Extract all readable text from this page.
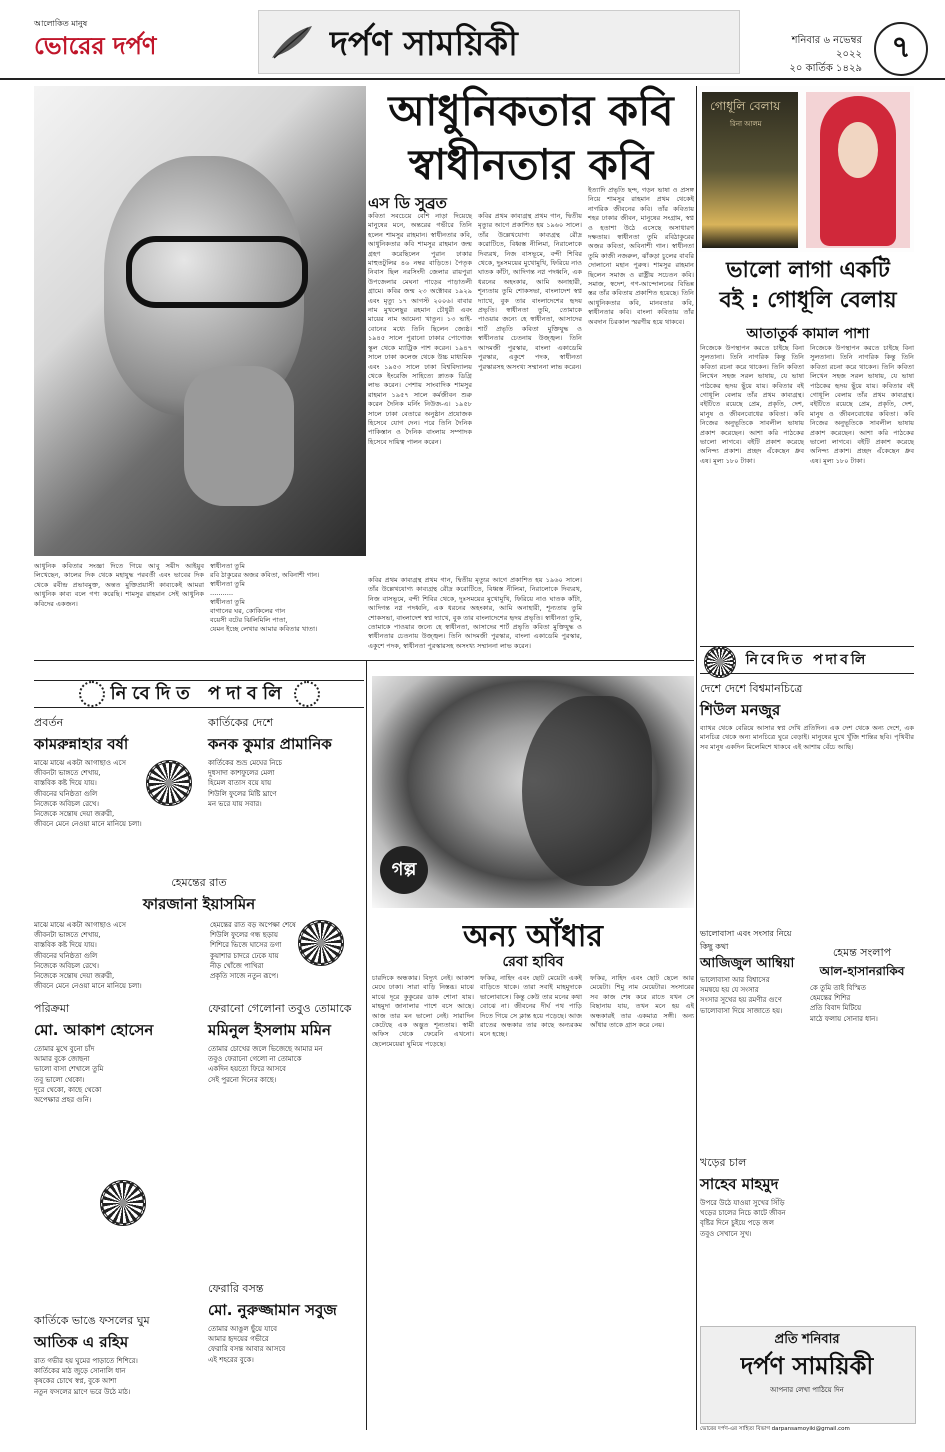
আলোকিত মানুষ
ভোরের দর্পণ	দর্পণ সাময়িকী	শনিবার ৬ নভেম্বর ২০২২
২০ কার্তিক ১৪২৯
৭
আধুনিকতার কবি
স্বাধীনতার কবি
এস ডি সুব্রত
কবিতা সবচেয়ে বেশি নাড়া দিয়েছে মানুষের মনে, অন্তরের গভীরে তিনি হলেন শামসুর রাহমান। স্বাধীনতার কবি, আধুনিকতার কবি শামসুর রাহমান জন্ম গ্রহণ করেছিলেন পুরান ঢাকার মাহুতটুলির ৪৬ নম্বর বাড়িতে। পৈতৃক নিবাস ছিল নরসিংদী জেলার রায়পুরা উপজেলার মেঘনা পাড়ের পাড়াতলী গ্রামে। কবির জন্ম ২৩ অক্টোবর ১৯২৯ এবং মৃত্যু ১৭ আগস্ট ২০০৬। বাবার নাম মুখলেছুর রহমান চৌধুরী এবং মায়ের নাম আমেনা খাতুন। ১৩ ভাই-বোনের মধ্যে তিনি ছিলেন জ্যেষ্ঠ। ১৯৪৫ সালে পুরানো ঢাকার পোগোজ স্কুল থেকে ম্যাট্রিক পাশ করেন। ১৯৪৭ সালে ঢাকা কলেজ থেকে উচ্চ মাধ্যমিক এবং ১৯৫৩ সালে ঢাকা বিশ্ববিদ্যালয় থেকে ইংরেজি সাহিত্যে স্নাতক ডিগ্রি লাভ করেন। পেশায় সাংবাদিক শামসুর রাহমান ১৯৫৭ সালে কর্মজীবন শুরু করেন দৈনিক মর্নিং নিউজ-এ। ১৯৫৮ সালে ঢাকা বেতারে অনুষ্ঠান প্রযোজক হিসেবে যোগ দেন। পরে তিনি দৈনিক পাকিস্তান ও দৈনিক বাংলায় সম্পাদক হিসেবে দায়িত্ব পালন করেন।
কবির প্রথম কাব্যগ্রন্থ প্রথম গান, দ্বিতীয় মৃত্যুর আগে প্রকাশিত হয় ১৯৬০ সালে। তাঁর উল্লেখযোগ্য কাব্যগ্রন্থ রৌদ্র করোটিতে, বিধ্বস্ত নীলিমা, নিরালোকে দিব্যরথ, নিজ বাসভূমে, বন্দী শিবির থেকে, দুঃসময়ের মুখোমুখি, ফিরিয়ে নাও ঘাতক কাঁটা, আদিগন্ত নগ্ন পদধ্বনি, এক ধরনের অহংকার, আমি অনাহারী, শূন্যতায় তুমি শোকসভা, বাংলাদেশ স্বপ্ন দ্যাখে, বুক তার বাংলাদেশের হৃদয় প্রভৃতি। স্বাধীনতা তুমি, তোমাকে পাওয়ার জন্যে হে স্বাধীনতা, আসাদের শার্ট প্রভৃতি কবিতা মুক্তিযুদ্ধ ও স্বাধীনতার চেতনায় উজ্জ্বল। তিনি আদমজী পুরস্কার, বাংলা একাডেমি পুরস্কার, একুশে পদক, স্বাধীনতা পুরস্কারসহ অসংখ্য সম্মাননা লাভ করেন।
ইত্যাদি প্রভৃতি ছন্দ, গড়ন ভাষা ও প্রসঙ্গ নিয়ে শামসুর রাহমান প্রথম থেকেই নাগরিক জীবনের কবি। তাঁর কবিতায় শহর ঢাকার জীবন, মানুষের সংগ্রাম, স্বপ্ন ও হতাশা উঠে এসেছে অসাধারণ দক্ষতায়। স্বাধীনতা তুমি রবিঠাকুরের অজর কবিতা, অবিনাশী গান। স্বাধীনতা তুমি কাজী নজরুল, ঝাঁকড়া চুলের বাবরি দোলানো মহান পুরুষ। শামসুর রাহমান ছিলেন সমাজ ও রাষ্ট্রীয় সচেতন কবি। সমাজ, স্বদেশ, গণ-আন্দোলনের বিভিন্ন স্তর তাঁর কবিতায় প্রকাশিত হয়েছে। তিনি আধুনিকতার কবি, মানবতার কবি, স্বাধীনতার কবি। বাংলা কবিতায় তাঁর অবদান চিরকাল স্মরণীয় হয়ে থাকবে।
আধুনিক কবিতার সংজ্ঞা দিতে গিয়ে আবু সয়ীদ আইয়ুব লিখেছেন, কালের দিক থেকে মহাযুদ্ধ পরবর্তী এবং ভাবের দিক থেকে রবীন্দ্র প্রভাবমুক্ত, অন্তত মুক্তিপ্রয়াসী কাব্যকেই আমরা আধুনিক কাব্য বলে গণ্য করেছি। শামসুর রাহমান সেই আধুনিক কবিদের একজন।
স্বাধীনতা তুমি
রবি ঠাকুরের অজর কবিতা, অবিনাশী গান।
স্বাধীনতা তুমি
...........
স্বাধীনতা তুমি
বাগানের ঘর, কোকিলের গান
বয়েসী বটের ঝিলিমিলি পাতা,
যেমন ইচ্ছে লেখার আমার কবিতার খাতা।
কবির প্রথম কাব্যগ্রন্থ প্রথম গান, দ্বিতীয় মৃত্যুর আগে প্রকাশিত হয় ১৯৬০ সালে। তাঁর উল্লেখযোগ্য কাব্যগ্রন্থ রৌদ্র করোটিতে, বিধ্বস্ত নীলিমা, নিরালোকে দিব্যরথ, নিজ বাসভূমে, বন্দী শিবির থেকে, দুঃসময়ের মুখোমুখি, ফিরিয়ে নাও ঘাতক কাঁটা, আদিগন্ত নগ্ন পদধ্বনি, এক ধরনের অহংকার, আমি অনাহারী, শূন্যতায় তুমি শোকসভা, বাংলাদেশ স্বপ্ন দ্যাখে, বুক তার বাংলাদেশের হৃদয় প্রভৃতি। স্বাধীনতা তুমি, তোমাকে পাওয়ার জন্যে হে স্বাধীনতা, আসাদের শার্ট প্রভৃতি কবিতা মুক্তিযুদ্ধ ও স্বাধীনতার চেতনায় উজ্জ্বল। তিনি আদমজী পুরস্কার, বাংলা একাডেমি পুরস্কার, একুশে পদক, স্বাধীনতা পুরস্কারসহ অসংখ্য সম্মাননা লাভ করেন।
গোধূলি বেলায়
রিনা আলম
ভালো লাগা একটি
বই : গোধূলি বেলায়
আতাতুর্ক কামাল পাশা
নিজেকে উপস্থাপন করতে চাইছে বিনা সুলতানা। তিনি নাগরিক কিন্তু তিনি কবিতা রচনা করে থাকেন। তিনি কবিতা লিখেন সহজ সরল ভাষায়, যে ভাষা পাঠকের হৃদয় ছুঁয়ে যায়। কবিতার বই গোধূলি বেলায় তাঁর প্রথম কাব্যগ্রন্থ। বইটিতে রয়েছে প্রেম, প্রকৃতি, দেশ, মানুষ ও জীবনবোধের কবিতা। কবি নিজের অনুভূতিকে সাবলীল ভাষায় প্রকাশ করেছেন। আশা করি পাঠকের ভালো লাগবে। বইটি প্রকাশ করেছে অনিন্দ্য প্রকাশ। প্রচ্ছদ এঁকেছেন ধ্রুব এষ। মূল্য ১৮০ টাকা।
নিজেকে উপস্থাপন করতে চাইছে বিনা সুলতানা। তিনি নাগরিক কিন্তু তিনি কবিতা রচনা করে থাকেন। তিনি কবিতা লিখেন সহজ সরল ভাষায়, যে ভাষা পাঠকের হৃদয় ছুঁয়ে যায়। কবিতার বই গোধূলি বেলায় তাঁর প্রথম কাব্যগ্রন্থ। বইটিতে রয়েছে প্রেম, প্রকৃতি, দেশ, মানুষ ও জীবনবোধের কবিতা। কবি নিজের অনুভূতিকে সাবলীল ভাষায় প্রকাশ করেছেন। আশা করি পাঠকের ভালো লাগবে। বইটি প্রকাশ করেছে অনিন্দ্য প্রকাশ। প্রচ্ছদ এঁকেছেন ধ্রুব এষ। মূল্য ১৮০ টাকা।
নিবেদিত পদাবলি
নিবেদিত পদাবলি
প্রবর্তন
কামরুন্নাহার বর্ষা
মাঝে মাঝে একটা আগাছাও এসে
জীবনটা ভাঙ্গতে শেখায়,
বাস্তবিক কষ্ট দিয়ে যায়।
জীবনের ঘনিষ্ঠতা গুলি
নিজেকে অবিচল রেখে।
নিজেকে সন্তোষ দেয়া জরুরী,
জীবনে মেনে নেওয়া মানে মানিয়ে চলা।
হেমন্তের রাত
ফারজানা ইয়াসমিন
মাঝে মাঝে একটা আগাছাও এসে
জীবনটা ভাঙ্গতে শেখায়,
বাস্তবিক কষ্ট দিয়ে যায়।
জীবনের ঘনিষ্ঠতা গুলি
নিজেকে অবিচল রেখে।
নিজেকে সন্তোষ দেয়া জরুরী,
জীবনে মেনে নেওয়া মানে মানিয়ে চলা।
হেমন্তের রাত বড় অপেক্ষা শেষে
শিউলি ফুলের গন্ধ ছড়ায়
শিশিরে ভিজে ঘাসের ডগা
কুয়াশার চাদরে ঢেকে যায়
নীড় খোঁজে পাখিরা
প্রকৃতি সাজে নতুন রূপে।
পরিক্রমা
মো. আকাশ হোসেন
তোমার মুখে বুনো চাঁদ
আমার বুকে জোছনা
ভালো বাসা শেখালে তুমি
তবু ভালো থেকো।
দূরে থেকো, কাছে থেকো
অপেক্ষার প্রহর গুনি।
কার্তিকে ভাঙে ফসলের ঘুম
আতিক এ রহিম
রাত গভীর হয় ঘুমের পাড়াতে শিশিরে।
কার্তিকের মাঠ জুড়ে সোনালি ধান
কৃষকের চোখে স্বপ্ন, বুকে আশা
নতুন ফসলের ঘ্রাণে ভরে উঠে মাঠ।
কার্তিকের দেশে
কনক কুমার প্রামানিক
কার্তিকের শুভ্র মেঘের নিচে
দুধসাদা কাশফুলের মেলা
হিমেল বাতাস বয়ে যায়
শিউলি ফুলের মিষ্টি ঘ্রাণে
মন ভরে যায় সবার।
ফেরানো গেলোনা তবুও তোমাকে
মমিনুল ইসলাম মমিন
তোমার চোখের জলে ভিজেছে আমার মন
তবুও ফেরানো গেলো না তোমাকে
একদিন হয়তো ফিরে আসবে
সেই পুরনো দিনের কাছে।
ফেরারি বসন্ত
মো. নুরুজ্জামান সবুজ
তোমার আঙুল ছুঁয়ে যাবে
আমার হৃদয়ের গভীরে
ফেরারি বসন্ত আবার আসবে
এই শহরের বুকে।
গল্প
অন্য আঁধার
রেবা হাবিব
চারদিকে অন্ধকার। বিদ্যুৎ নেই। আকাশ মেঘে ঢাকা। সারা বাড়ি নিস্তব্ধ। মাঝে মাঝে দূরে কুকুরের ডাক শোনা যায়। মাহমুদা জানালার পাশে বসে আছে। আজ তার মন ভালো নেই। সারাদিন কেটেছে এক অদ্ভুত শূন্যতায়। স্বামী অফিস থেকে ফেরেনি এখনো। ছেলেমেয়েরা ঘুমিয়ে পড়েছে।
ফকির, নাহিদ এবং ছোট মেয়েটা একই বাড়িতে থাকে। তারা সবাই মাহমুদাকে ভালোবাসে। কিন্তু কেউ তার মনের কথা বোঝে না। জীবনের দীর্ঘ পথ পাড়ি দিতে গিয়ে সে ক্লান্ত হয়ে পড়েছে। আজ রাতের অন্ধকার তার কাছে অন্যরকম মনে হচ্ছে।
ফকির, নাহিদ এবং ছোট ছেলে আর মেয়েটা। শিমু নাম মেয়েটার। সংসারের সব কাজ শেষ করে রাতে যখন সে বিছানায় যায়, তখন মনে হয় এই অন্ধকারই তার একমাত্র সঙ্গী। অন্য আঁধার তাকে গ্রাস করে নেয়।
দেশে দেশে বিশ্বমানচিত্রে
শিউল মনজুর
ব্যাথর থেকে বেরিয়ে আসার স্বপ্ন দেখি প্রতিদিন। এক দেশ থেকে অন্য দেশে, এক মানচিত্র থেকে অন্য মানচিত্রে ঘুরে বেড়াই। মানুষের মুখে খুঁজি শান্তির ছবি। পৃথিবীর সব মানুষ একদিন মিলেমিশে থাকবে এই আশায় বেঁচে আছি।
ভালোবাসা এবং সংসার নিয়ে কিছু কথা
আজিজুল আম্বিয়া
ভালোবাসা আর বিশ্বাসের
সমন্বয়ে হয় যে সংসার
সংসার সুখের হয় রমণীর গুণে
ভালোবাসা দিয়ে সাজাতে হয়।
হেমন্ত সংলাপ
আল-হাসানরাকিব
কে তুমি তাই বিস্মিত
হেমন্তের শিশির
প্রতি বিবাদ মিটিয়ে
মাঠে ফলায় সোনার ধান।
খড়ের চাল
সাহেব মাহমুদ
উপরে উঠে যাওয়া সুখের সিঁড়ি
খড়ের চালের নিচে কাটে জীবন
বৃষ্টির দিনে চুইয়ে পড়ে জল
তবুও সেখানে সুখ।
প্রতি শনিবার
দর্পণ সাময়িকী
আপনার লেখা পাঠিয়ে দিন
ভোরের দর্পণ-এর সাহিত্য বিভাগ darpansamoyiki@gmail.com
